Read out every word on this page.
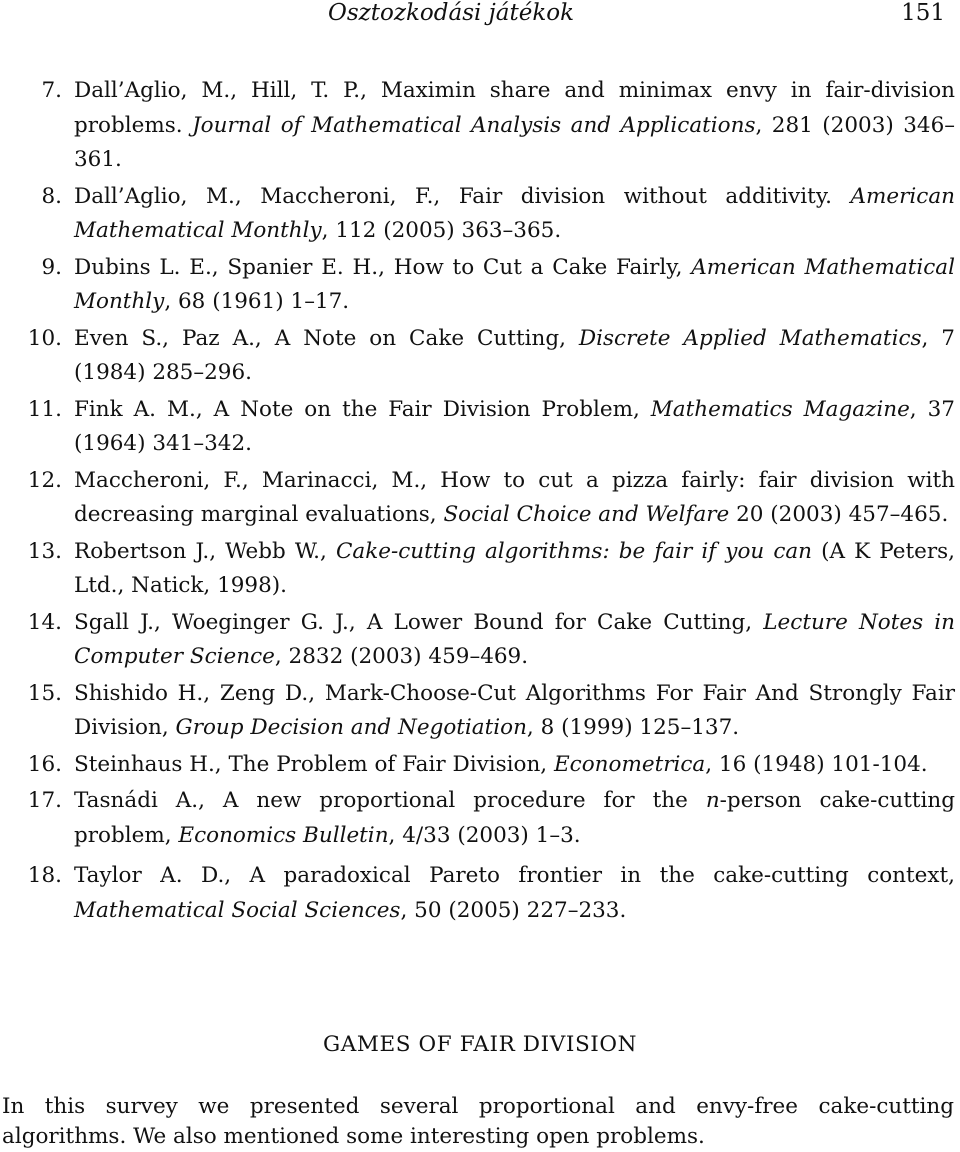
Osztozkodási játékok	151
7. Dall’Aglio, M., Hill, T. P., Maximin share and minimax envy in fair-division problems. Journal of Mathematical Analysis and Applications, 281 (2003) 346–361.
8. Dall’Aglio, M., Maccheroni, F., Fair division without additivity. American Mathematical Monthly, 112 (2005) 363–365.
9. Dubins L. E., Spanier E. H., How to Cut a Cake Fairly, American Mathematical Monthly, 68 (1961) 1–17.
10. Even S., Paz A., A Note on Cake Cutting, Discrete Applied Mathematics, 7 (1984) 285–296.
11. Fink A. M., A Note on the Fair Division Problem, Mathematics Magazine, 37 (1964) 341–342.
12. Maccheroni, F., Marinacci, M., How to cut a pizza fairly: fair division with decreasing marginal evaluations, Social Choice and Welfare 20 (2003) 457–465.
13. Robertson J., Webb W., Cake-cutting algorithms: be fair if you can (A K Peters, Ltd., Natick, 1998).
14. Sgall J., Woeginger G. J., A Lower Bound for Cake Cutting, Lecture Notes in Computer Science, 2832 (2003) 459–469.
15. Shishido H., Zeng D., Mark-Choose-Cut Algorithms For Fair And Strongly Fair Division, Group Decision and Negotiation, 8 (1999) 125–137.
16. Steinhaus H., The Problem of Fair Division, Econometrica, 16 (1948) 101-104.
17. Tasnádi A., A new proportional procedure for the n-person cake-cutting problem, Economics Bulletin, 4/33 (2003) 1–3.
18. Taylor A. D., A paradoxical Pareto frontier in the cake-cutting context, Mathematical Social Sciences, 50 (2005) 227–233.
GAMES OF FAIR DIVISION
In this survey we presented several proportional and envy-free cake-cutting algorithms. We also mentioned some interesting open problems.
